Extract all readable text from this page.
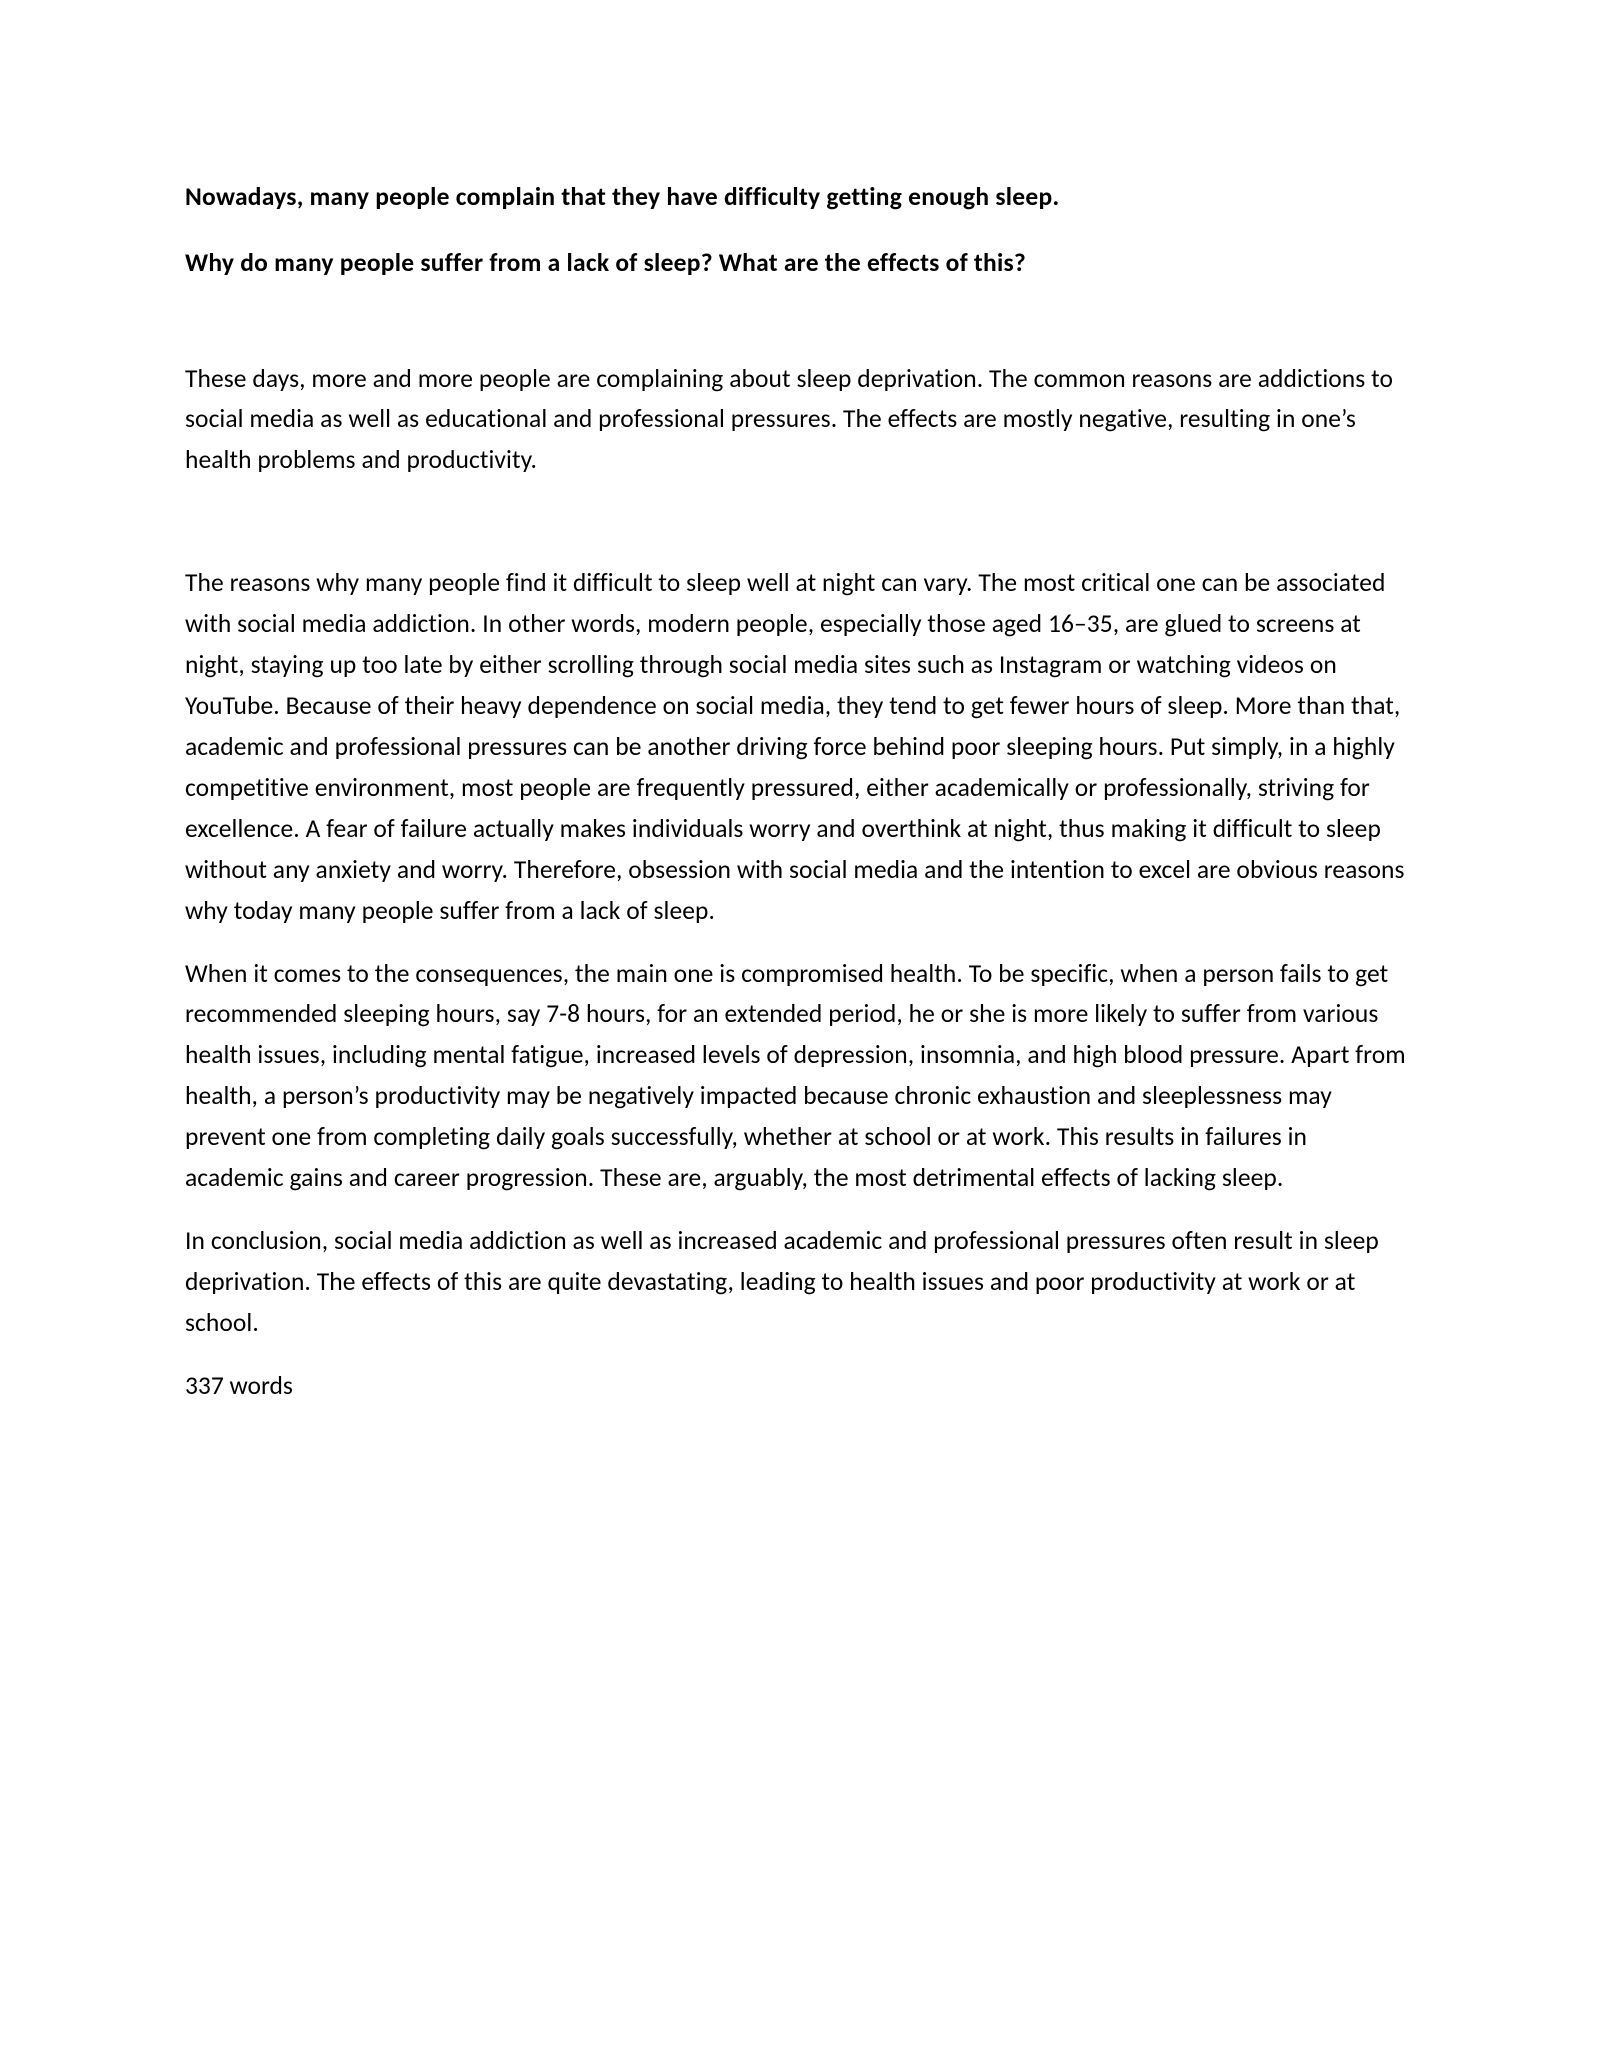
Nowadays, many people complain that they have difficulty getting enough sleep.

Why do many people suffer from a lack of sleep? What are the effects of this?

These days, more and more people are complaining about sleep deprivation. The common reasons are addictions to social media as well as educational and professional pressures. The effects are mostly negative, resulting in one’s health problems and productivity.

The reasons why many people find it difficult to sleep well at night can vary. The most critical one can be associated with social media addiction. In other words, modern people, especially those aged 16–35, are glued to screens at night, staying up too late by either scrolling through social media sites such as Instagram or watching videos on YouTube. Because of their heavy dependence on social media, they tend to get fewer hours of sleep. More than that, academic and professional pressures can be another driving force behind poor sleeping hours. Put simply, in a highly competitive environment, most people are frequently pressured, either academically or professionally, striving for excellence. A fear of failure actually makes individuals worry and overthink at night, thus making it difficult to sleep without any anxiety and worry. Therefore, obsession with social media and the intention to excel are obvious reasons why today many people suffer from a lack of sleep.

When it comes to the consequences, the main one is compromised health. To be specific, when a person fails to get recommended sleeping hours, say 7-8 hours, for an extended period, he or she is more likely to suffer from various health issues, including mental fatigue, increased levels of depression, insomnia, and high blood pressure. Apart from health, a person’s productivity may be negatively impacted because chronic exhaustion and sleeplessness may prevent one from completing daily goals successfully, whether at school or at work. This results in failures in academic gains and career progression. These are, arguably, the most detrimental effects of lacking sleep.

In conclusion, social media addiction as well as increased academic and professional pressures often result in sleep deprivation. The effects of this are quite devastating, leading to health issues and poor productivity at work or at school.

337 words
